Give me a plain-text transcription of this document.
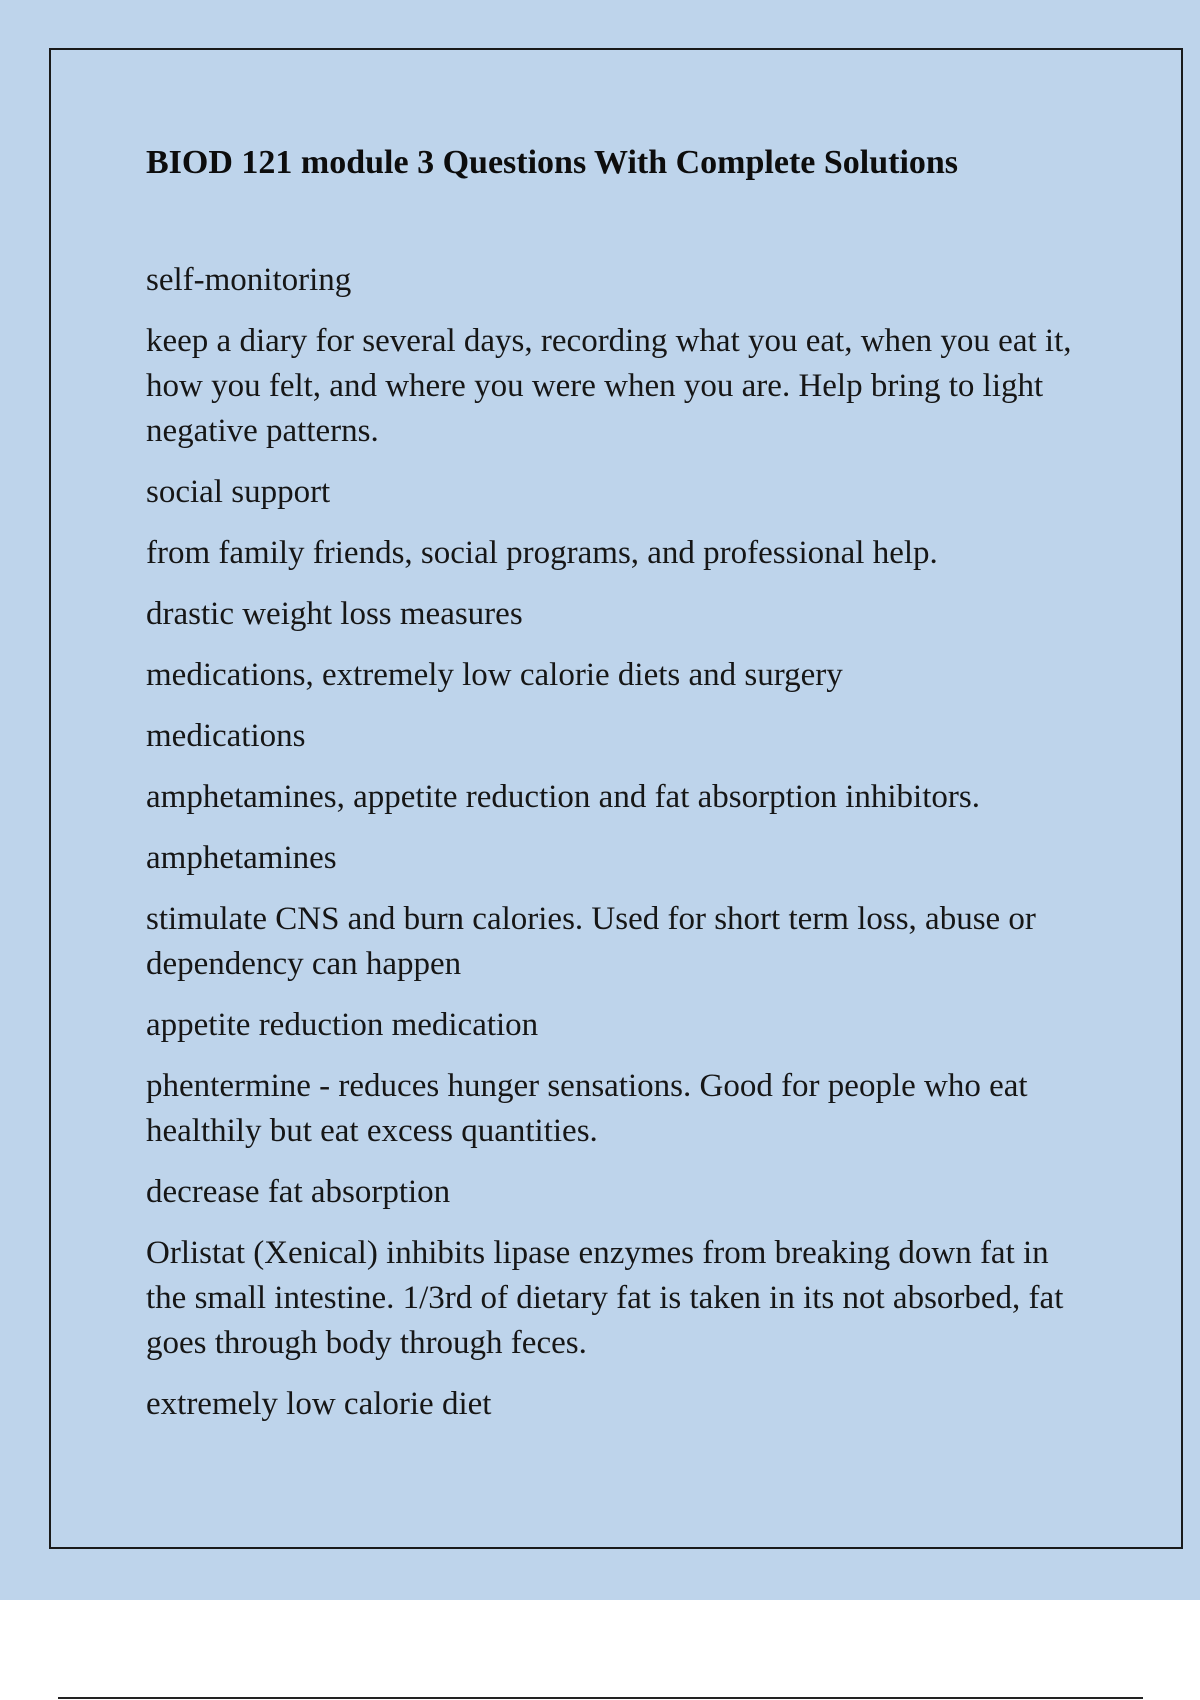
BIOD 121 module 3 Questions With Complete Solutions

self-monitoring

keep a diary for several days, recording what you eat, when you eat it, how you felt, and where you were when you are. Help bring to light negative patterns.

social support

from family friends, social programs, and professional help.

drastic weight loss measures

medications, extremely low calorie diets and surgery

medications

amphetamines, appetite reduction and fat absorption inhibitors.

amphetamines

stimulate CNS and burn calories. Used for short term loss, abuse or dependency can happen

appetite reduction medication

phentermine - reduces hunger sensations. Good for people who eat healthily but eat excess quantities.

decrease fat absorption

Orlistat (Xenical) inhibits lipase enzymes from breaking down fat in the small intestine. 1/3rd of dietary fat is taken in its not absorbed, fat goes through body through feces.

extremely low calorie diet
